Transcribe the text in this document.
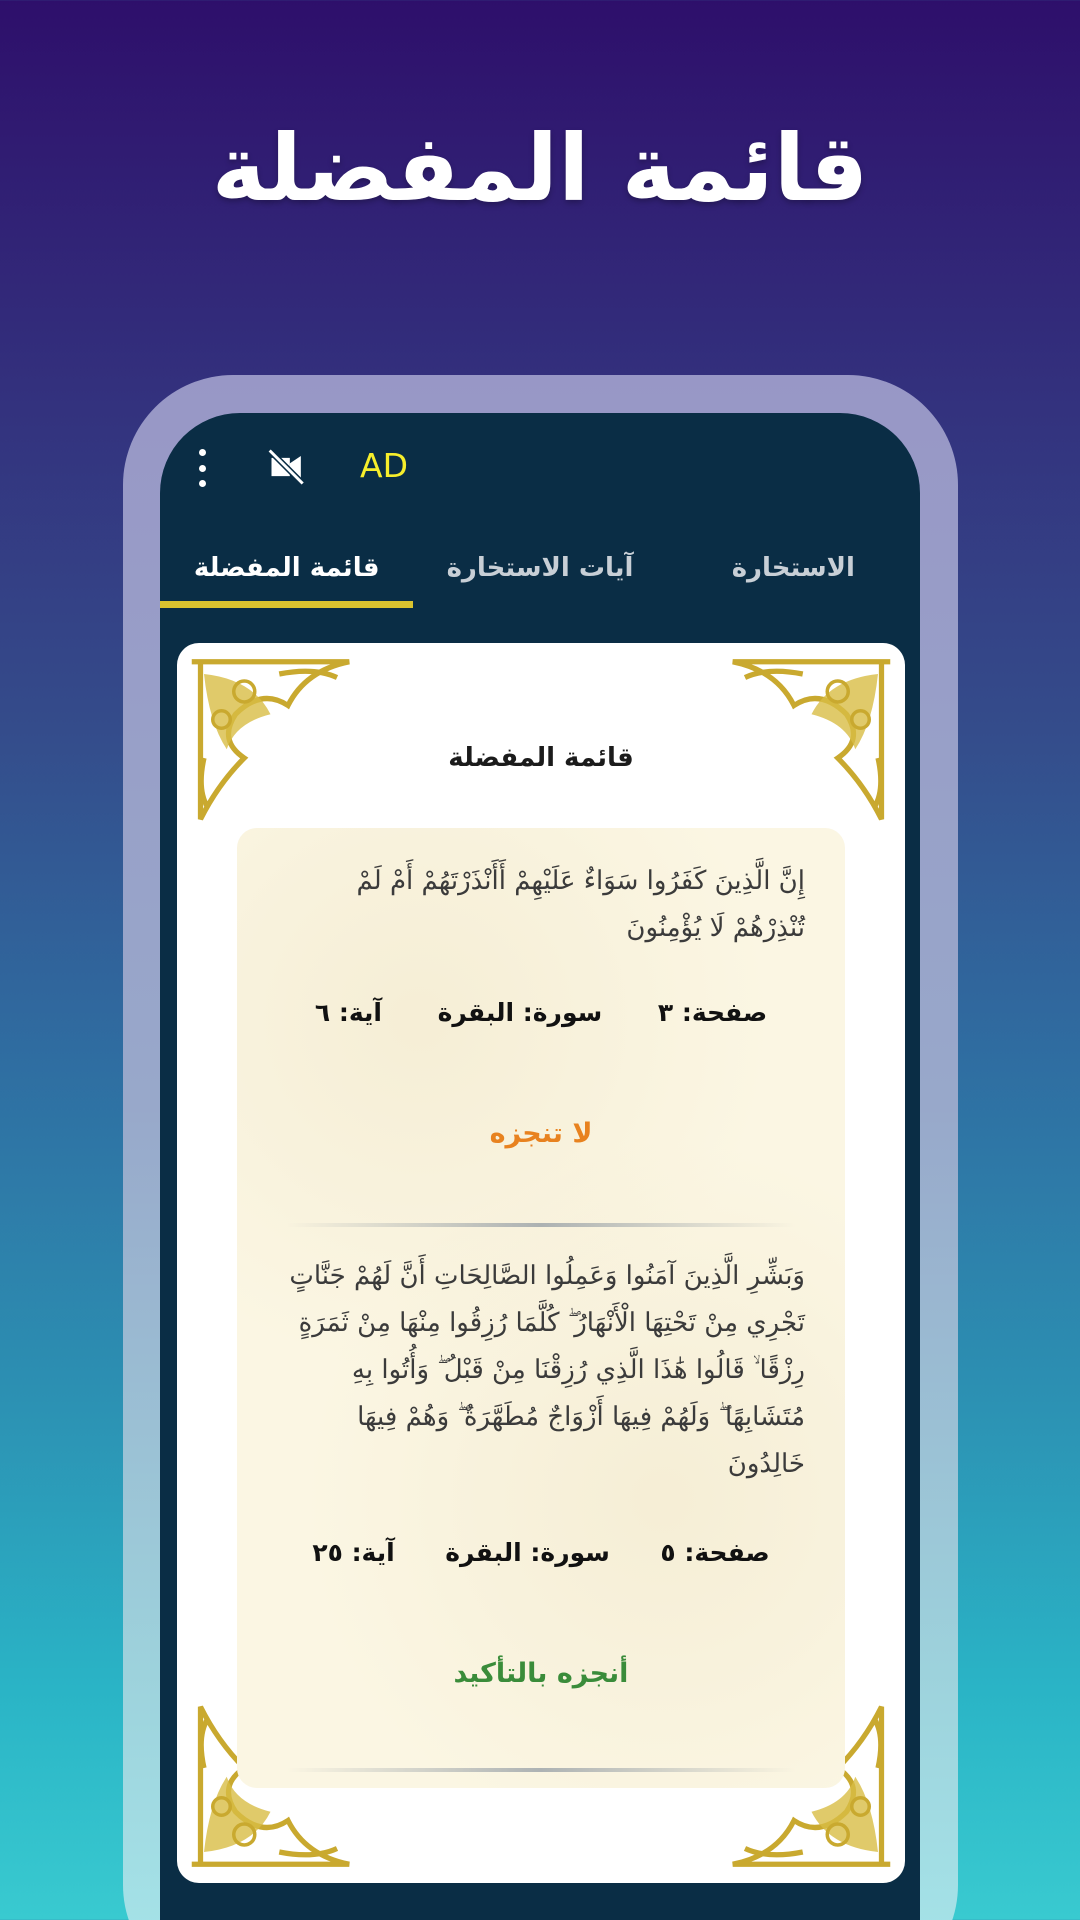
قائمة المفضلة
AD
الاستخارة
آيات الاستخارة
قائمة المفضلة
قائمة المفضلة
إِنَّ الَّذِينَ كَفَرُوا سَوَاءٌ عَلَيْهِمْ أَأَنْذَرْتَهُمْ أَمْ لَمْ تُنْذِرْهُمْ لَا يُؤْمِنُونَ
صفحة: ٣
سورة: البقرة
آية: ٦
لا تنجزه
وَبَشِّرِ الَّذِينَ آمَنُوا وَعَمِلُوا الصَّالِحَاتِ أَنَّ لَهُمْ جَنَّاتٍ تَجْرِي مِنْ تَحْتِهَا الْأَنْهَارُ ۖ كُلَّمَا رُزِقُوا مِنْهَا مِنْ ثَمَرَةٍ رِزْقًا ۙ قَالُوا هَٰذَا الَّذِي رُزِقْنَا مِنْ قَبْلُ ۖ وَأُتُوا بِهِ مُتَشَابِهًا ۖ وَلَهُمْ فِيهَا أَزْوَاجٌ مُطَهَّرَةٌ ۖ وَهُمْ فِيهَا خَالِدُونَ
صفحة: ٥
سورة: البقرة
آية: ٢٥
أنجزه بالتأكيد
